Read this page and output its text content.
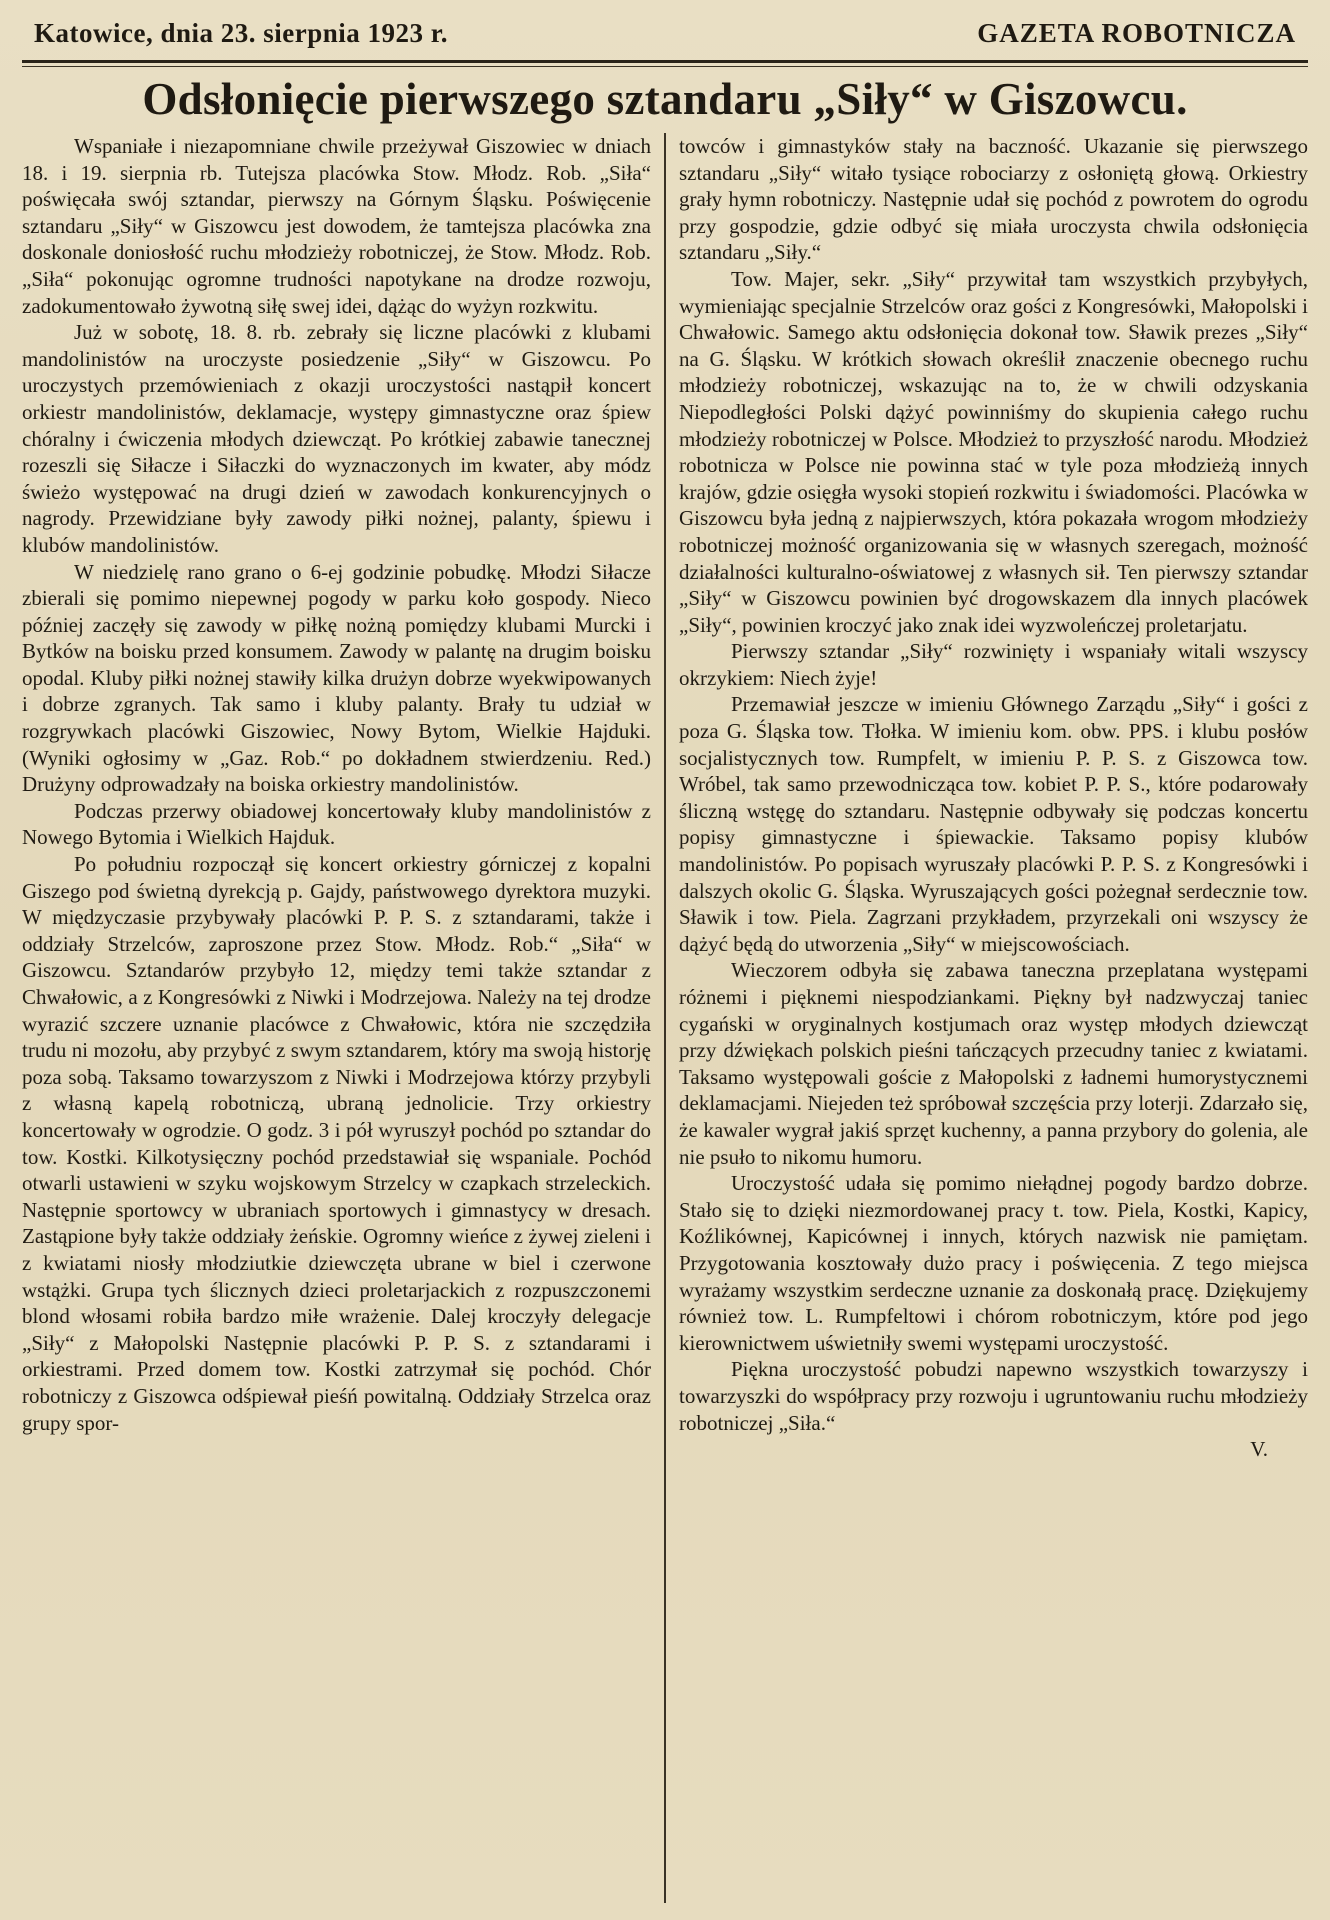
Katowice, dnia 23. sierpnia 1923 r.	GAZETA ROBOTNICZA
Odsłonięcie pierwszego sztandaru „Siły“ w Giszowcu.

Wspaniałe i niezapomniane chwile przeżywał Giszowiec w dniach 18. i 19. sierpnia rb. Tutejsza placówka Stow. Młodz. Rob. „Siła“ poświęcała swój sztandar, pierwszy na Górnym Śląsku. Poświęcenie sztandaru „Siły“ w Giszowcu jest dowodem, że tamtejsza placówka zna doskonale doniosłość ruchu młodzieży robotniczej, że Stow. Młodz. Rob. „Siła“ pokonując ogromne trudności napotykane na drodze rozwoju, zadokumentowało żywotną siłę swej idei, dążąc do wyżyn rozkwitu.

Już w sobotę, 18. 8. rb. zebrały się liczne placówki z klubami mandolinistów na uroczyste posiedzenie „Siły“ w Giszowcu. Po uroczystych przemówieniach z okazji uroczystości nastąpił koncert orkiestr mandolinistów, deklamacje, występy gimnastyczne oraz śpiew chóralny i ćwiczenia młodych dziewcząt. Po krótkiej zabawie tanecznej rozeszli się Siłacze i Siłaczki do wyznaczonych im kwater, aby módz świeżo występować na drugi dzień w zawodach konkurencyjnych o nagrody. Przewidziane były zawody piłki nożnej, palanty, śpiewu i klubów mandolinistów.

W niedzielę rano grano o 6-ej godzinie pobudkę. Młodzi Siłacze zbierali się pomimo niepewnej pogody w parku koło gospody. Nieco później zaczęły się zawody w piłkę nożną pomiędzy klubami Murcki i Bytków na boisku przed konsumem. Zawody w palantę na drugim boisku opodal. Kluby piłki nożnej stawiły kilka drużyn dobrze wyekwipowanych i dobrze zgranych. Tak samo i kluby palanty. Brały tu udział w rozgrywkach placówki Giszowiec, Nowy Bytom, Wielkie Hajduki. (Wyniki ogłosimy w „Gaz. Rob.“ po dokładnem stwierdzeniu. Red.) Drużyny odprowadzały na boiska orkiestry mandolinistów.

Podczas przerwy obiadowej koncertowały kluby mandolinistów z Nowego Bytomia i Wielkich Hajduk.

Po południu rozpoczął się koncert orkiestry górniczej z kopalni Giszego pod świetną dyrekcją p. Gajdy, państwowego dyrektora muzyki. W międzyczasie przybywały placówki P. P. S. z sztandarami, także i oddziały Strzelców, zaproszone przez Stow. Młodz. Rob.“ „Siła“ w Giszowcu. Sztandarów przybyło 12, między temi także sztandar z Chwałowic, a z Kongresówki z Niwki i Modrzejowa. Należy na tej drodze wyrazić szczere uznanie placówce z Chwałowic, która nie szczędziła trudu ni mozołu, aby przybyć z swym sztandarem, który ma swoją historję poza sobą. Taksamo towarzyszom z Niwki i Modrzejowa którzy przybyli z własną kapelą robotniczą, ubraną jednolicie. Trzy orkiestry koncertowały w ogrodzie. O godz. 3 i pół wyruszył pochód po sztandar do tow. Kostki. Kilkotysięczny pochód przedstawiał się wspaniale. Pochód otwarli ustawieni w szyku wojskowym Strzelcy w czapkach strzeleckich. Następnie sportowcy w ubraniach sportowych i gimnastycy w dresach. Zastąpione były także oddziały żeńskie. Ogromny wieńce z żywej zieleni i z kwiatami niosły młodziutkie dziewczęta ubrane w biel i czerwone wstążki. Grupa tych ślicznych dzieci proletarjackich z rozpuszczonemi blond włosami robiła bardzo miłe wrażenie. Dalej kroczyły delegacje „Siły“ z Małopolski Następnie placówki P. P. S. z sztandarami i orkiestrami. Przed domem tow. Kostki zatrzymał się pochód. Chór robotniczy z Giszowca odśpiewał pieśń powitalną. Oddziały Strzelca oraz grupy spor-

towców i gimnastyków stały na baczność. Ukazanie się pierwszego sztandaru „Siły“ witało tysiące robociarzy z osłoniętą głową. Orkiestry grały hymn robotniczy. Następnie udał się pochód z powrotem do ogrodu przy gospodzie, gdzie odbyć się miała uroczysta chwila odsłonięcia sztandaru „Siły.“

Tow. Majer, sekr. „Siły“ przywitał tam wszystkich przybyłych, wymieniając specjalnie Strzelców oraz gości z Kongresówki, Małopolski i Chwałowic. Samego aktu odsłonięcia dokonał tow. Sławik prezes „Siły“ na G. Śląsku. W krótkich słowach określił znaczenie obecnego ruchu młodzieży robotniczej, wskazując na to, że w chwili odzyskania Niepodległości Polski dążyć powinniśmy do skupienia całego ruchu młodzieży robotniczej w Polsce. Młodzież to przyszłość narodu. Młodzież robotnicza w Polsce nie powinna stać w tyle poza młodzieżą innych krajów, gdzie osięgła wysoki stopień rozkwitu i świadomości. Placówka w Giszowcu była jedną z najpierwszych, która pokazała wrogom młodzieży robotniczej możność organizowania się w własnych szeregach, możność działalności kulturalno-oświatowej z własnych sił. Ten pierwszy sztandar „Siły“ w Giszowcu powinien być drogowskazem dla innych placówek „Siły“, powinien kroczyć jako znak idei wyzwoleńczej proletarjatu.

Pierwszy sztandar „Siły“ rozwinięty i wspaniały witali wszyscy okrzykiem: Niech żyje!

Przemawiał jeszcze w imieniu Głównego Zarządu „Siły“ i gości z poza G. Śląska tow. Tłołka. W imieniu kom. obw. PPS. i klubu posłów socjalistycznych tow. Rumpfelt, w imieniu P. P. S. z Giszowca tow. Wróbel, tak samo przewodnicząca tow. kobiet P. P. S., które podarowały śliczną wstęgę do sztandaru. Następnie odbywały się podczas koncertu popisy gimnastyczne i śpiewackie. Taksamo popisy klubów mandolinistów. Po popisach wyruszały placówki P. P. S. z Kongresówki i dalszych okolic G. Śląska. Wyruszających gości pożegnał serdecznie tow. Sławik i tow. Piela. Zagrzani przykładem, przyrzekali oni wszyscy że dążyć będą do utworzenia „Siły“ w miejscowościach.

Wieczorem odbyła się zabawa taneczna przeplatana występami różnemi i pięknemi niespodziankami. Piękny był nadzwyczaj taniec cygański w oryginalnych kostjumach oraz występ młodych dziewcząt przy dźwiękach polskich pieśni tańczących przecudny taniec z kwiatami. Taksamo występowali goście z Małopolski z ładnemi humorystycznemi deklamacjami. Niejeden też spróbował szczęścia przy loterji. Zdarzało się, że kawaler wygrał jakiś sprzęt kuchenny, a panna przybory do golenia, ale nie psuło to nikomu humoru.

Uroczystość udała się pomimo niełądnej pogody bardzo dobrze. Stało się to dzięki niezmordowanej pracy t. tow. Piela, Kostki, Kapicy, Koźlikównej, Kapicównej i innych, których nazwisk nie pamiętam. Przygotowania kosztowały dużo pracy i poświęcenia. Z tego miejsca wyrażamy wszystkim serdeczne uznanie za doskonałą pracę. Dziękujemy również tow. L. Rumpfeltowi i chórom robotniczym, które pod jego kierownictwem uświetniły swemi występami uroczystość.

Piękna uroczystość pobudzi napewno wszystkich towarzyszy i towarzyszki do współpracy przy rozwoju i ugruntowaniu ruchu młodzieży robotniczej „Siła.“

V.
